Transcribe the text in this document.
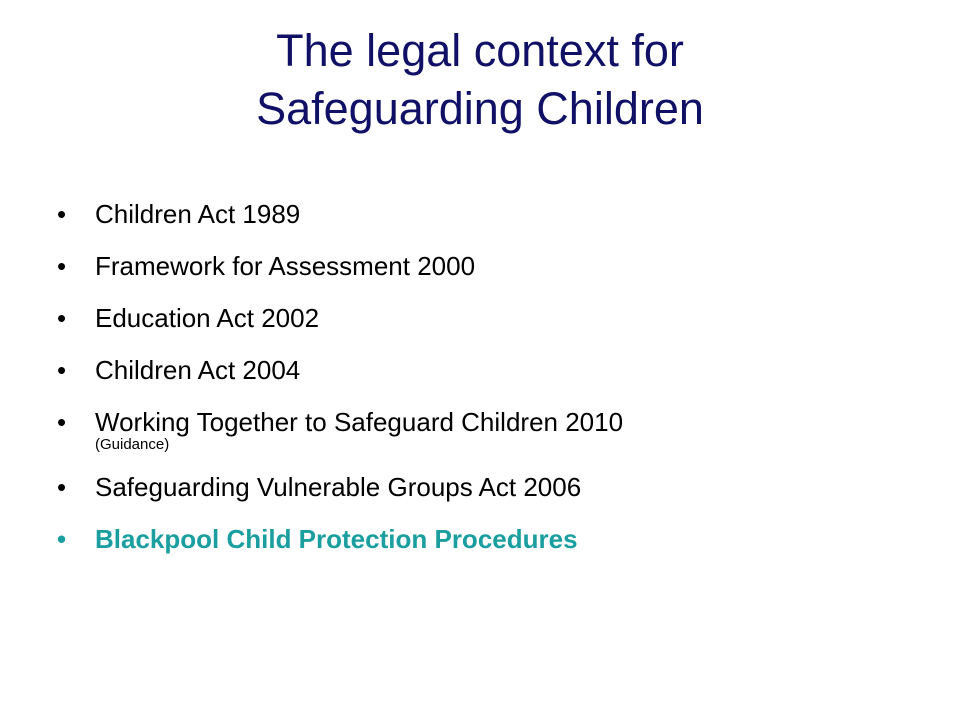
The legal context for
Safeguarding Children
•	Children Act 1989
•	Framework for Assessment 2000
•	Education Act 2002
•	Children Act 2004
•	Working Together to Safeguard Children 2010
(Guidance)
•	Safeguarding Vulnerable Groups Act 2006
•	Blackpool Child Protection Procedures
